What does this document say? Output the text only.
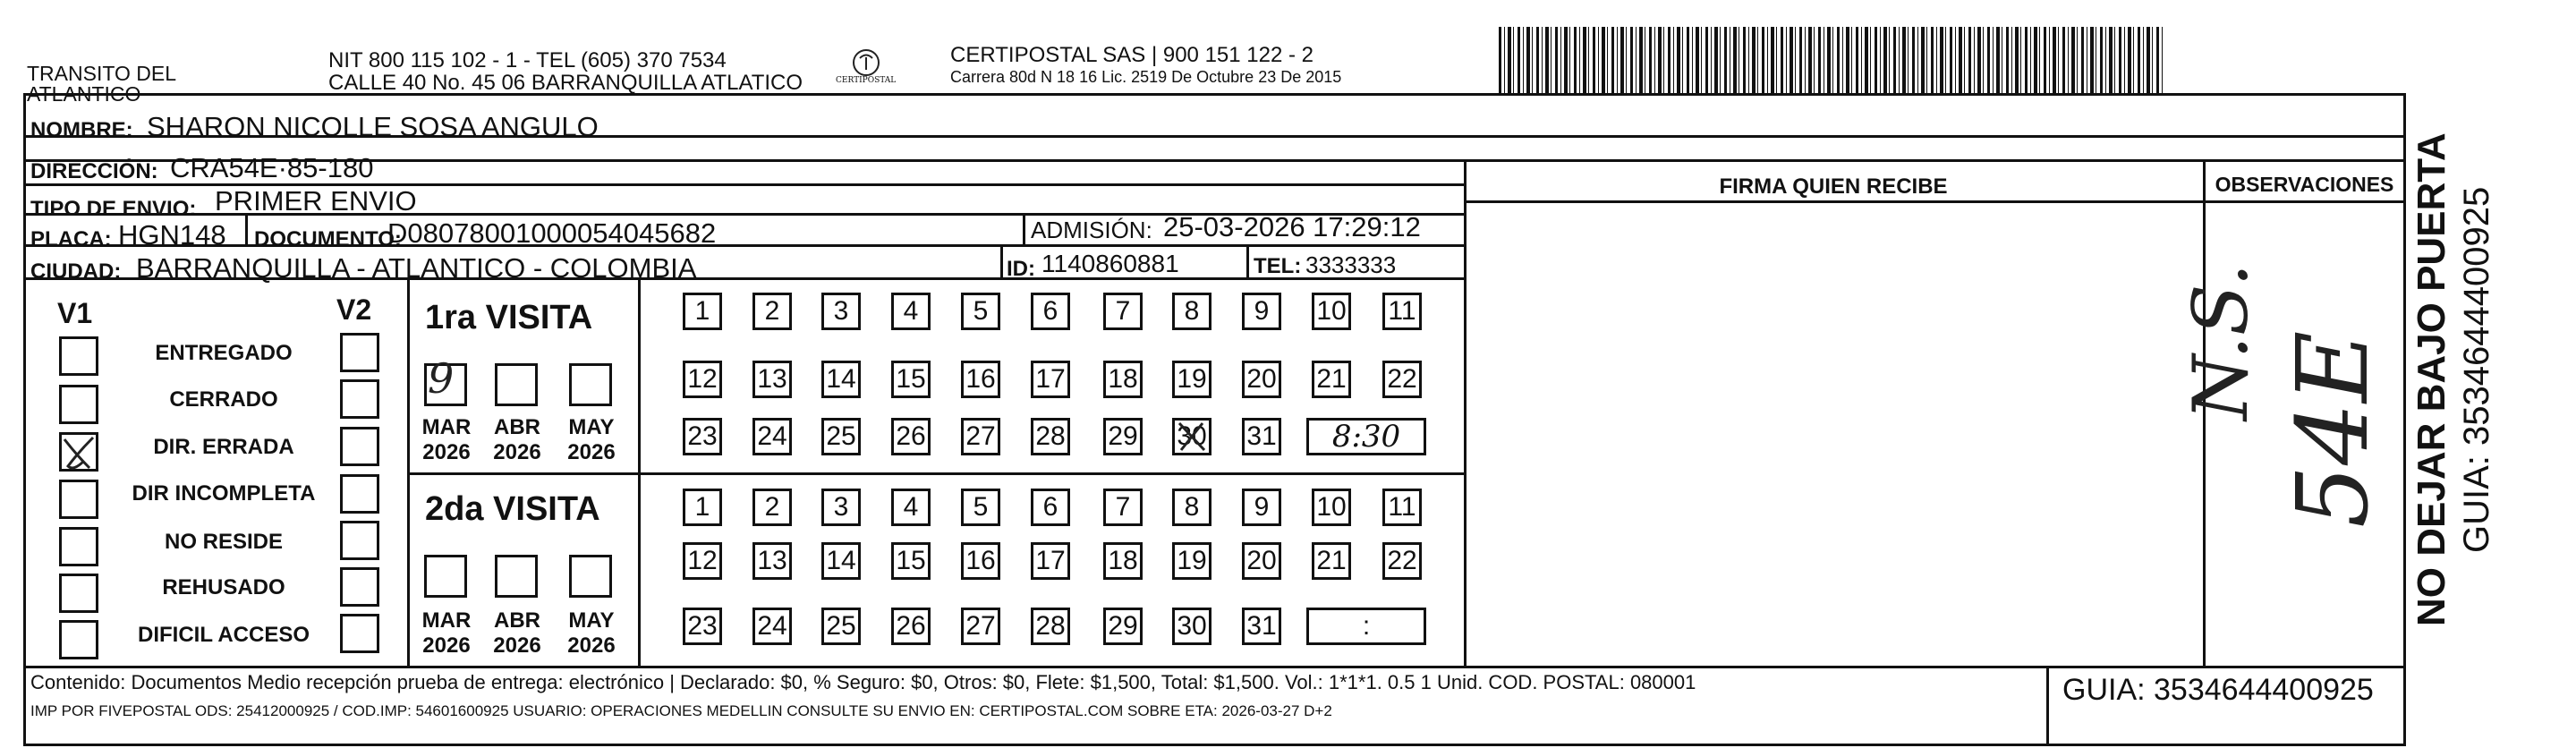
TRANSITO DEL
ATLANTICO
NIT 800 115 102 - 1 - TEL (605) 370 7534
CALLE 40 No. 45 06 BARRANQUILLA ATLATICO	CERTIPOSTAL
CERTIPOSTAL SAS | 900 151 122 - 2
Carrera 80d N 18 16 Lic. 2519 De Octubre 23 De 2015
NOMBRE: SHARON NICOLLE SOSA ANGULO
DIRECCIÓN: CRA54E·85-180
TIPO DE ENVIO: PRIMER ENVIO
PLACA: HGN148 DOCUMENTO:
D08078001000054045682	ADMISIÓN: 25-03-2026 17:29:12
CIUDAD: BARRANQUILLA - ATLANTICO - COLOMBIA	ID: 1140860881	TEL: 3333333
FIRMA QUIEN RECIBE	OBSERVACIONES
V1	V2
ENTREGADO
CERRADO
DIR. ERRADA
DIR INCOMPLETA
NO RESIDE
REHUSADO
DIFICIL ACCESO
1ra VISITA
9
MAR
2026
ABR
2026
MAY
2026
1	2	3	4	5	6	7	8	9	10 11
12 13 14 15 16 17 18 19 20 21 22
23 24 25 26 27 28 29 30 31 8:30
2da VISITA
MAR
2026
ABR
2026
MAY
2026
1	2	3	4	5	6	7	8	9	10 11
12 13 14 15 16 17 18 19 20 21 22
23 24 25 26 27 28 29 30 31	:
N.S. 54E NO DEJAR BAJO PUERTA GUIA: 3534644400925
Contenido: Documentos Medio recepción prueba de entrega: electrónico | Declarado: $0, % Seguro: $0, Otros: $0, Flete: $1,500, Total: $1,500. Vol.: 1*1*1. 0.5 1 Unid. COD. POSTAL: 080001
IMP POR FIVEPOSTAL ODS: 25412000925 / COD.IMP: 54601600925 USUARIO: OPERACIONES MEDELLIN CONSULTE SU ENVIO EN: CERTIPOSTAL.COM SOBRE ETA: 2026-03-27 D+2
GUIA: 3534644400925
